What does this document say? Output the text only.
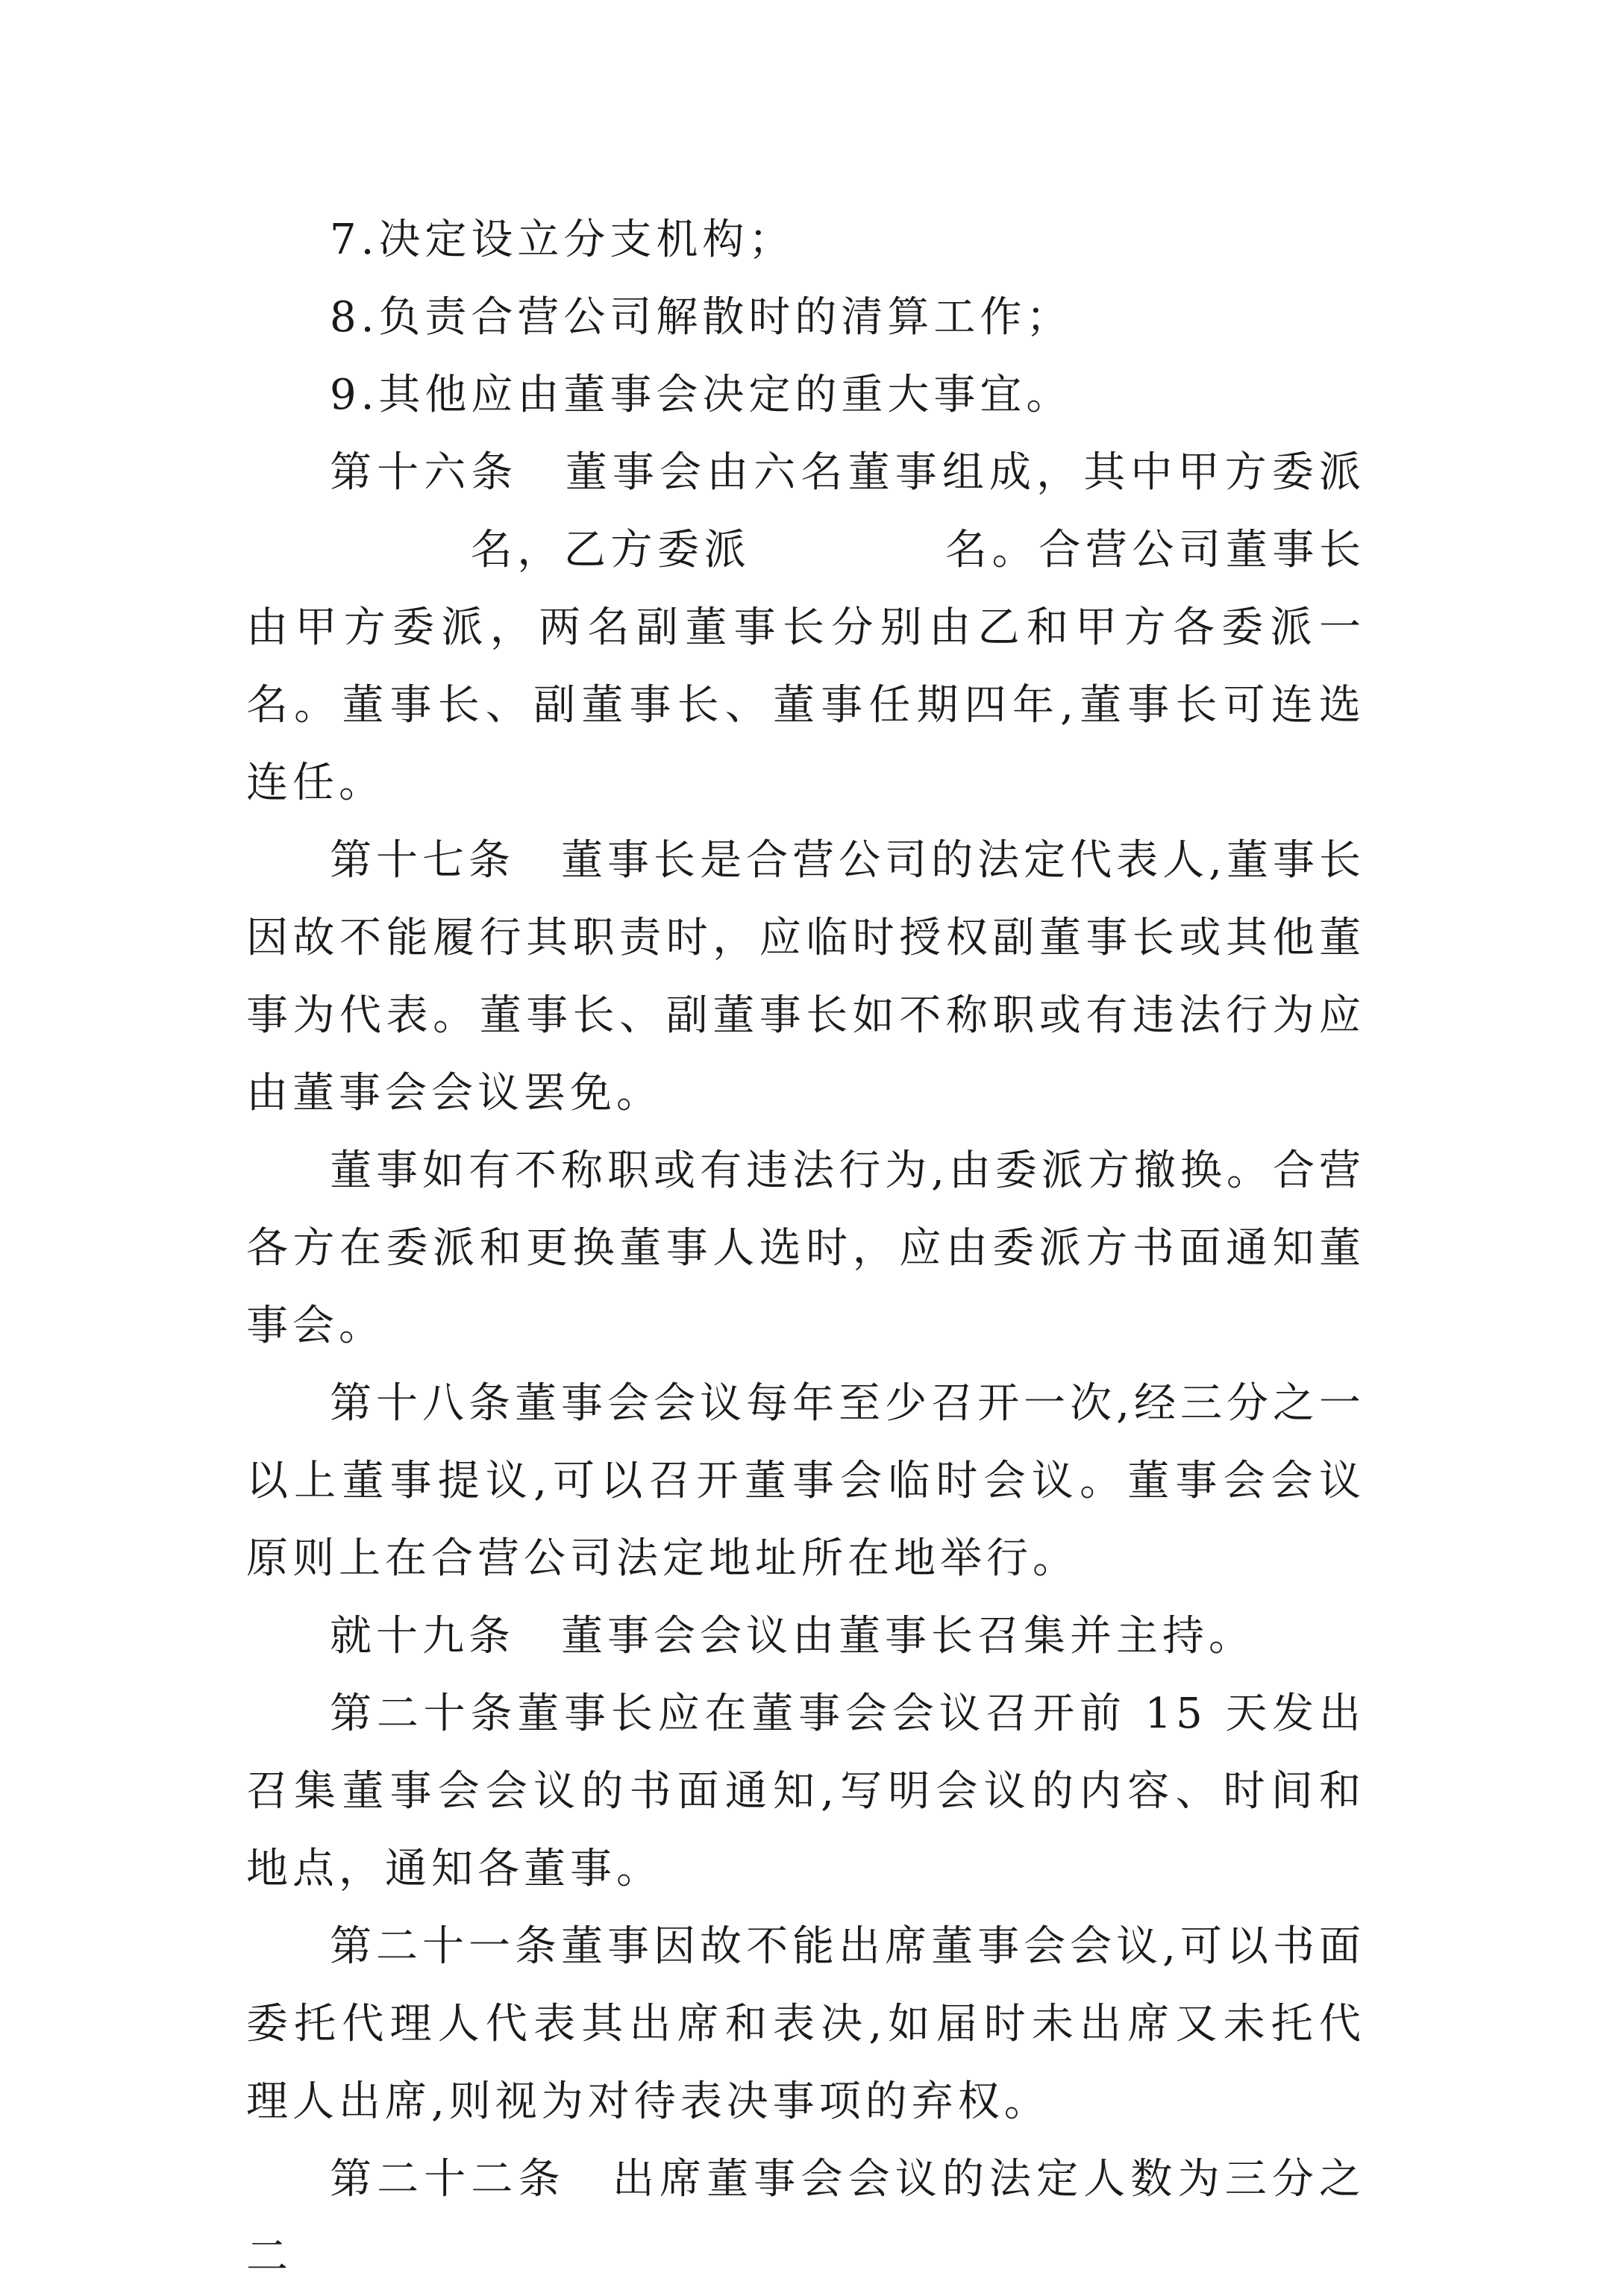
7.决定设立分支机构；

8.负责合营公司解散时的清算工作；

9.其他应由董事会决定的重大事宜。

第十六条　董事会由六名董事组成，其中甲方委派名，乙方委派	名。合营公司董事长由甲方委派，两名副董事长分别由乙和甲方各委派一名。董事长、副董事长、董事任期四年,董事长可连选连任。

第十七条　董事长是合营公司的法定代表人,董事长因故不能履行其职责时，应临时授权副董事长或其他董事为代表。董事长、副董事长如不称职或有违法行为应由董事会会议罢免。

董事如有不称职或有违法行为,由委派方撤换。合营各方在委派和更换董事人选时，应由委派方书面通知董事会。

第十八条董事会会议每年至少召开一次,经三分之一以上董事提议,可以召开董事会临时会议。董事会会议原则上在合营公司法定地址所在地举行。

就十九条　董事会会议由董事长召集并主持。

第二十条董事长应在董事会会议召开前 15 天发出召集董事会会议的书面通知,写明会议的内容、时间和地点，通知各董事。

第二十一条董事因故不能出席董事会会议,可以书面委托代理人代表其出席和表决,如届时未出席又未托代理人出席,则视为对待表决事项的弃权。

第二十二条　出席董事会会议的法定人数为三分之二
